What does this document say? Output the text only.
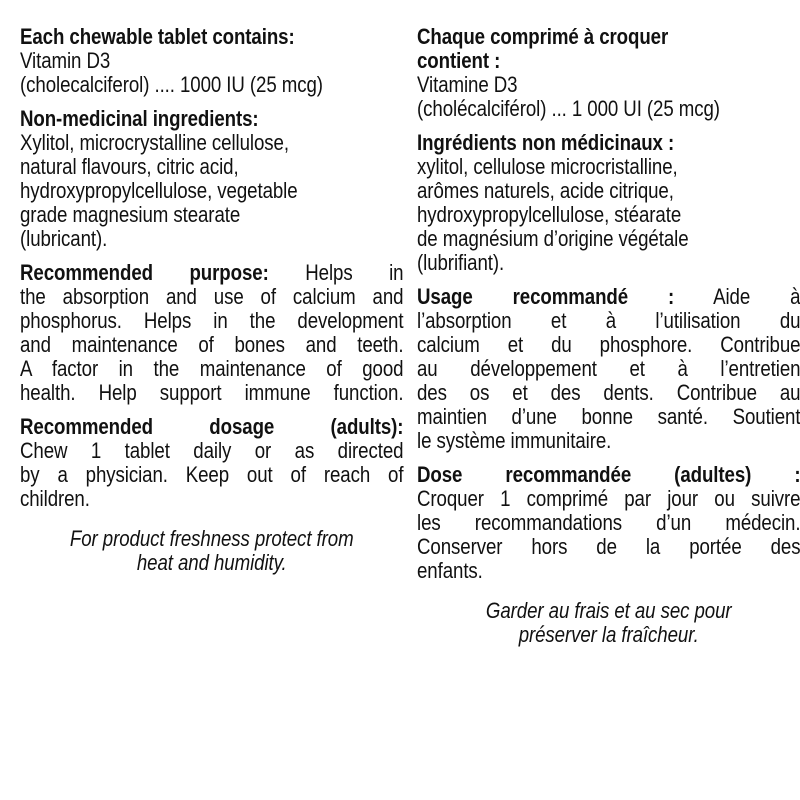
Each chewable tablet contains:
Vitamin D3
(cholecalciferol) .... 1000 IU (25 mcg)
Non-medicinal ingredients:
Xylitol, microcrystalline cellulose,
natural flavours, citric acid,
hydroxypropylcellulose, vegetable
grade magnesium stearate
(lubricant).
Recommended purpose: Helps in
the absorption and use of calcium and
phosphorus. Helps in the development
and maintenance of bones and teeth.
A factor in the maintenance of good
health. Help support immune function.
Recommended dosage (adults):
Chew 1 tablet daily or as directed
by a physician. Keep out of reach of
children.
For product freshness protect from
heat and humidity.
Chaque comprimé à croquer
contient :
Vitamine D3
(cholécalciférol) ... 1 000 UI (25 mcg)
Ingrédients non médicinaux :
xylitol, cellulose microcristalline,
arômes naturels, acide citrique,
hydroxypropylcellulose, stéarate
de magnésium d’origine végétale
(lubrifiant).
Usage recommandé : Aide à
l’absorption et à l’utilisation du
calcium et du phosphore. Contribue
au développement et à l’entretien
des os et des dents. Contribue au
maintien d’une bonne santé. Soutient
le système immunitaire.
Dose recommandée (adultes) :
Croquer 1 comprimé par jour ou suivre
les recommandations d’un médecin.
Conserver hors de la portée des
enfants.
Garder au frais et au sec pour
préserver la fraîcheur.
